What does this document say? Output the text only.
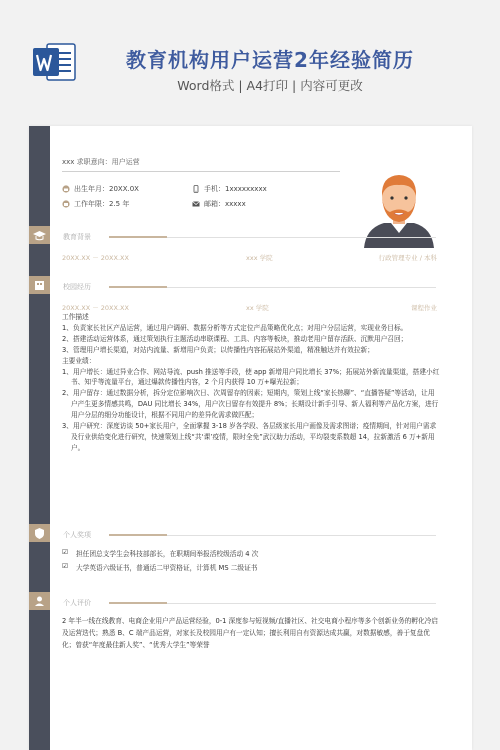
教育机构用户运营2年经验简历
Word格式 | A4打印 | 内容可更改
xxx 求职意向：用户运营
出生年月：20XX.0X
工作年限：2.5 年
手机：1xxxxxxxxx
邮箱：xxxxx
教育背景
20XX.XX － 20XX.XX	xxx 学院	行政管理专业 / 本科
校园经历
20XX.XX － 20XX.XX	xx 学院	课程作业

工作描述

1、负责家长社区产品运营，通过用户调研、数据分析等方式定位产品策略优化点；对用户分层运营，实现业务目标。

2、搭建活动运营体系，通过策划执行主题活动串联课程、工具、内容等板块，推动老用户留存活跃、沉默用户召回；

3、管理用户增长渠道，对站内流量、新增用户负责；以传播性内容拓展站外渠道，精准触达并有效拉新；

主要业绩：

1、用户增长：通过异业合作、网站导流、push 推送等手段，使 app 新增用户同比增长 37%；拓展站外新流量渠道，搭建小红书、知乎等流量平台，通过爆款传播性内容，2 个月内获得 10 万+曝光拉新；

2、用户留存：通过数据分析，拆分定位影响次日、次周留存的因素；短期内，策划上线“家长热聊”、“直播答疑”等活动，让用户产生更多情感共鸣，DAU 同比增长 34%，用户次日留存有效提升 8%；长期设计新手引导、新人福利等产品化方案，进行用户分层的细分功能设计，根据不同用户的差异化需求做匹配；

3、用户研究：深度访谈 50+家长用户，全面掌握 3-18 岁各学段、各层级家长用户画像及需求图谱；疫情期间，针对用户需求及行业供给变化进行研究，快速策划上线“共‘课’疫情，限时全免”武汉助力活动，平均裂变系数超 14，拉新激活 6 万+新用户。

个人奖项
☑ 担任团总支学生会科技部部长，在职期间举报活校级活动 4 次
☑ 大学英语六级证书，普通话二甲资格证，计算机 MS 二级证书
个人评价
2 年半一线在线教育、电商企业用户产品运营经验，0-1 深度参与短视频/直播社区、社交电商小程序等多个创新业务的孵化冷启及运营迭代；熟悉 B、C 端产品运营，对家长及校园用户有一定认知；擅长利用自有资源达成共赢，对数据敏感，善于复盘优化；曾获“年度最佳新人奖”、“优秀大学生”等荣誉
